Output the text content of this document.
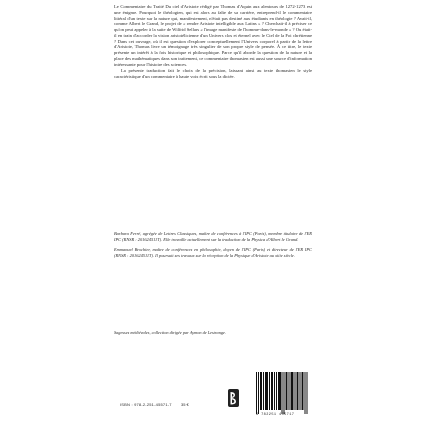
Le Commentaire du Traité Du ciel d'Aristote rédigé par Thomas d'Aquin aux alentours de 1272-1273 est une énigme. Pourquoi le théologien, qui est alors au faîte de sa carrière, entreprend-il le commentaire littéral d'un texte sur la nature qui, manifestement, n'était pas destiné aux étudiants en théologie ? Avait-il, comme Albert le Grand, le projet de « rendre Aristote intelligible aux Latins » ? Cherchait-il à préciser ce qu'on peut appeler à la suite de Wilfrid Sellars « l'image manifeste de l'homme-dans-le-monde » ? Ou était-il en train d'accorder la vision aristotélicienne d'un Univers clos et éternel avec le Ciel de la Foi chrétienne ? Dans cet ouvrage, où il est question d'explorer conceptuellement l'Univers corporel à partir de la lettre d'Aristote, Thomas livre un témoignage très singulier de son propre style de pensée. À ce titre, le texte présente un intérêt à la fois historique et philosophique. Parce qu'il aborde la question de la nature et la place des mathématiques dans son traitement, ce commentaire thomasien est aussi une source d'information intéressante pour l'histoire des sciences.

La présente traduction fait le choix de la précision, laissant ainsi au texte thomasien le style caractéristique d'un commentaire à haute voix écrit sous la dictée.

Barbara Ferré, agrégée de Lettres Classiques, maître de conférences à l'IPC (Paris), membre titulaire de l'ER IPC (RNSR : 201624511T). Elle travaille actuellement sur la traduction de la Physica d'Albert le Grand.

Emmanuel Brochier, maître de conférences en philosophie, doyen de l'IPC (Paris) et directeur de l'ER IPC (RNSR : 201624511T). Il poursuit ses travaux sur la réception de la Physique d'Aristote au xiiie siècle.

Sagesses médiévales, collection dirigée par Aymon de Lestrange.
ISBN : 978-2-251-45571-7 35 €
9 782251 455717
